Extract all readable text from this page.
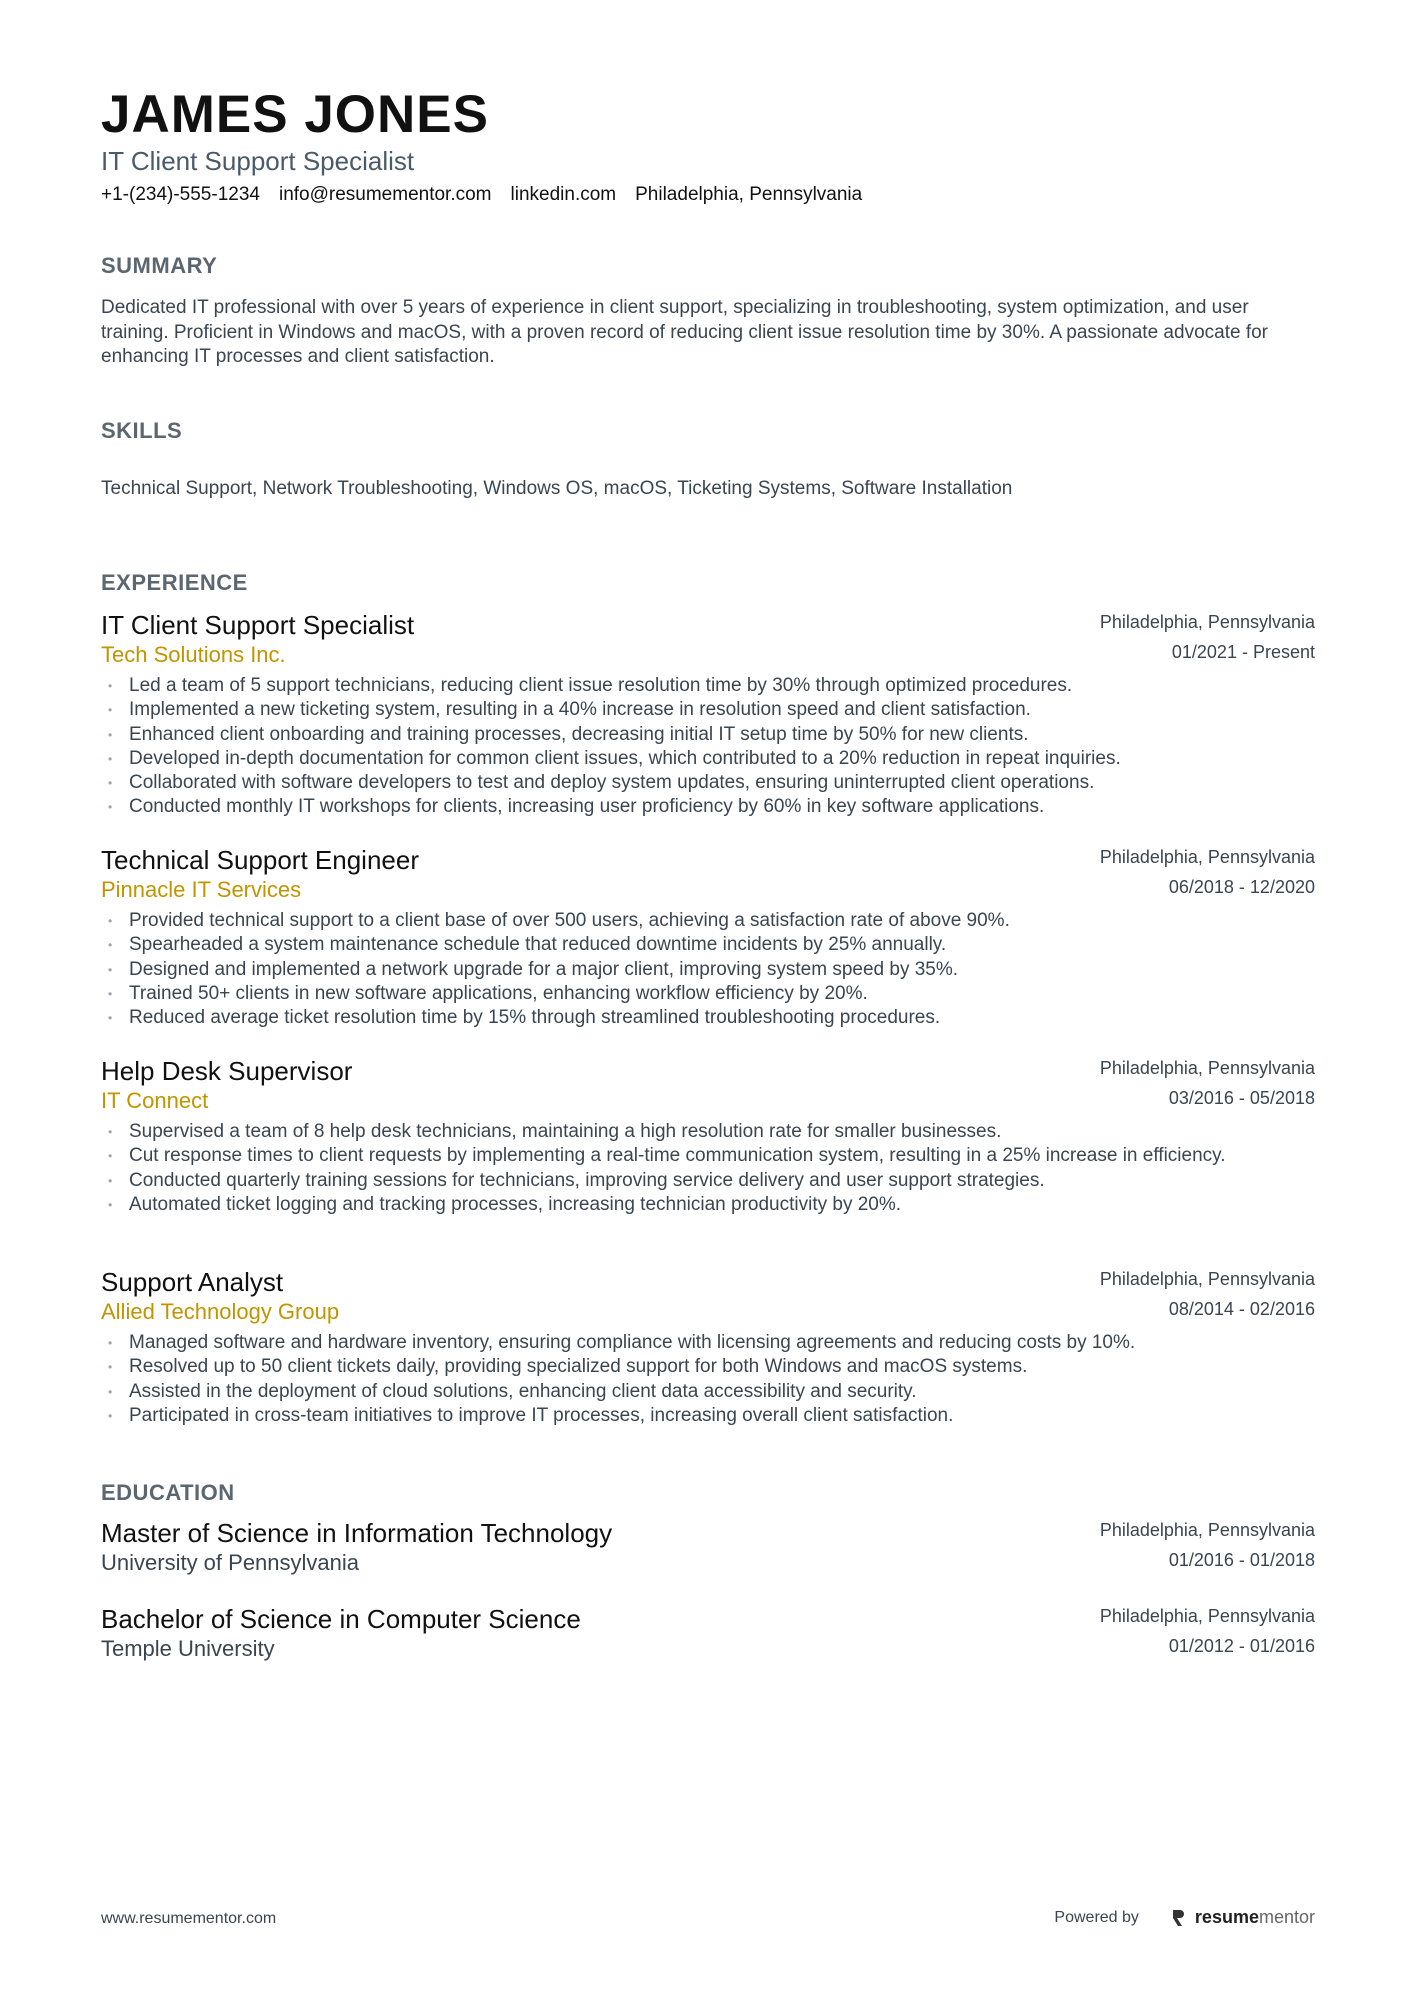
JAMES JONES
IT Client Support Specialist
+1-(234)-555-1234 info@resumementor.com linkedin.com Philadelphia, Pennsylvania
SUMMARY
Dedicated IT professional with over 5 years of experience in client support, specializing in troubleshooting, system optimization, and user training. Proficient in Windows and macOS, with a proven record of reducing client issue resolution time by 30%. A passionate advocate for enhancing IT processes and client satisfaction.
SKILLS
Technical Support, Network Troubleshooting, Windows OS, macOS, Ticketing Systems, Software Installation
EXPERIENCE
IT Client Support Specialist
Tech Solutions Inc.
Philadelphia, Pennsylvania
01/2021 - Present
• Led a team of 5 support technicians, reducing client issue resolution time by 30% through optimized procedures.
• Implemented a new ticketing system, resulting in a 40% increase in resolution speed and client satisfaction.
• Enhanced client onboarding and training processes, decreasing initial IT setup time by 50% for new clients.
• Developed in-depth documentation for common client issues, which contributed to a 20% reduction in repeat inquiries.
• Collaborated with software developers to test and deploy system updates, ensuring uninterrupted client operations.
• Conducted monthly IT workshops for clients, increasing user proficiency by 60% in key software applications.
Technical Support Engineer
Pinnacle IT Services
Philadelphia, Pennsylvania
06/2018 - 12/2020
• Provided technical support to a client base of over 500 users, achieving a satisfaction rate of above 90%.
• Spearheaded a system maintenance schedule that reduced downtime incidents by 25% annually.
• Designed and implemented a network upgrade for a major client, improving system speed by 35%.
• Trained 50+ clients in new software applications, enhancing workflow efficiency by 20%.
• Reduced average ticket resolution time by 15% through streamlined troubleshooting procedures.
Help Desk Supervisor
IT Connect
Philadelphia, Pennsylvania
03/2016 - 05/2018
• Supervised a team of 8 help desk technicians, maintaining a high resolution rate for smaller businesses.
• Cut response times to client requests by implementing a real-time communication system, resulting in a 25% increase in efficiency.
• Conducted quarterly training sessions for technicians, improving service delivery and user support strategies.
• Automated ticket logging and tracking processes, increasing technician productivity by 20%.
Support Analyst
Allied Technology Group
Philadelphia, Pennsylvania
08/2014 - 02/2016
• Managed software and hardware inventory, ensuring compliance with licensing agreements and reducing costs by 10%.
• Resolved up to 50 client tickets daily, providing specialized support for both Windows and macOS systems.
• Assisted in the deployment of cloud solutions, enhancing client data accessibility and security.
• Participated in cross-team initiatives to improve IT processes, increasing overall client satisfaction.
EDUCATION
Master of Science in Information Technology
University of Pennsylvania
Philadelphia, Pennsylvania
01/2016 - 01/2018
Bachelor of Science in Computer Science
Temple University
Philadelphia, Pennsylvania
01/2012 - 01/2016
www.resumementor.com	Powered by	resumementor
